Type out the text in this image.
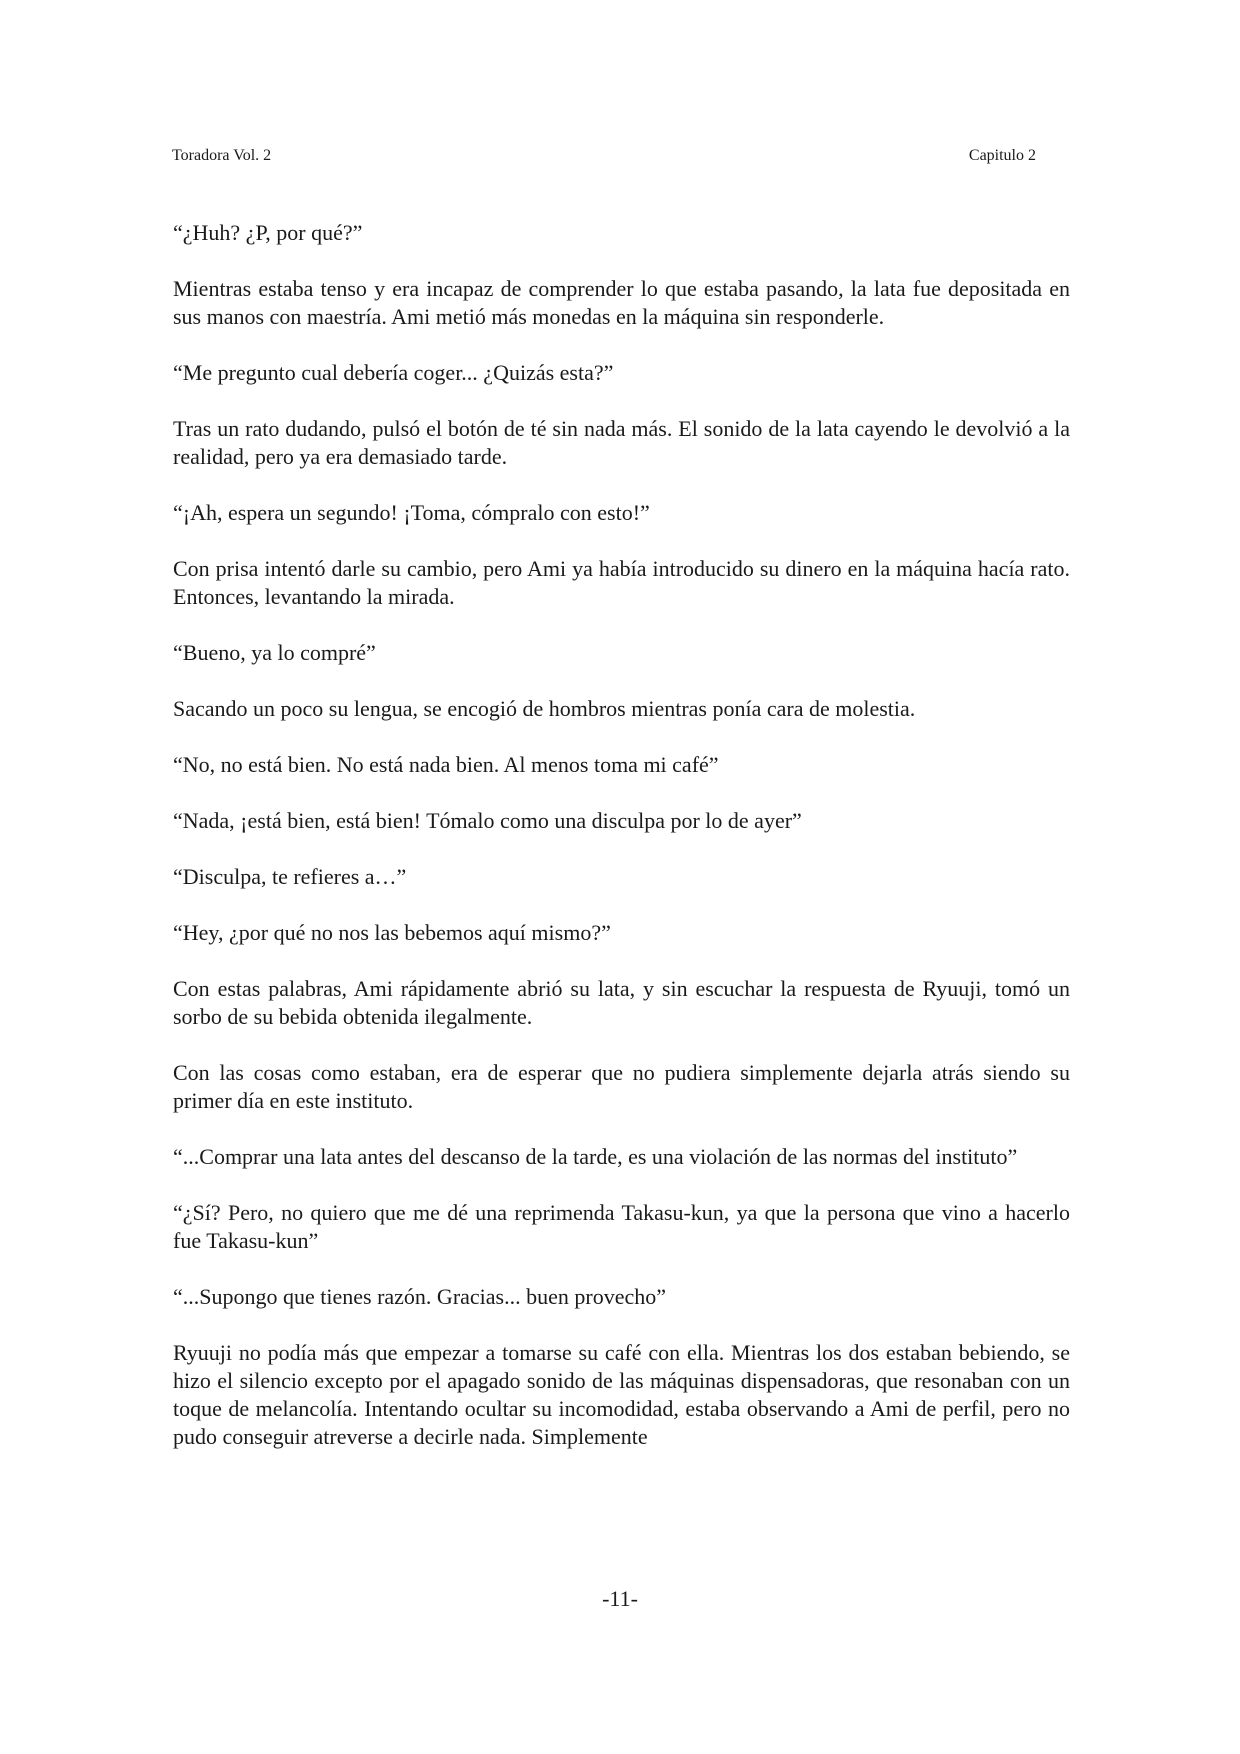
Toradora Vol. 2	Capitulo 2

“¿Huh? ¿P, por qué?”

Mientras estaba tenso y era incapaz de comprender lo que estaba pasando, la lata fue depositada en sus manos con maestría. Ami metió más monedas en la máquina sin responderle.

“Me pregunto cual debería coger... ¿Quizás esta?”

Tras un rato dudando, pulsó el botón de té sin nada más. El sonido de la lata cayendo le devolvió a la realidad, pero ya era demasiado tarde.

“¡Ah, espera un segundo! ¡Toma, cómpralo con esto!”

Con prisa intentó darle su cambio, pero Ami ya había introducido su dinero en la máquina hacía rato. Entonces, levantando la mirada.

“Bueno, ya lo compré”

Sacando un poco su lengua, se encogió de hombros mientras ponía cara de molestia.

“No, no está bien. No está nada bien. Al menos toma mi café”

“Nada, ¡está bien, está bien! Tómalo como una disculpa por lo de ayer”

“Disculpa, te refieres a…”

“Hey, ¿por qué no nos las bebemos aquí mismo?”

Con estas palabras, Ami rápidamente abrió su lata, y sin escuchar la respuesta de Ryuuji, tomó un sorbo de su bebida obtenida ilegalmente.

Con las cosas como estaban, era de esperar que no pudiera simplemente dejarla atrás siendo su primer día en este instituto.

“...Comprar una lata antes del descanso de la tarde, es una violación de las normas del instituto”

“¿Sí? Pero, no quiero que me dé una reprimenda Takasu-kun, ya que la persona que vino a hacerlo fue Takasu-kun”

“...Supongo que tienes razón. Gracias... buen provecho”

Ryuuji no podía más que empezar a tomarse su café con ella. Mientras los dos estaban bebiendo, se hizo el silencio excepto por el apagado sonido de las máquinas dispensadoras, que resonaban con un toque de melancolía. Intentando ocultar su incomodidad, estaba observando a Ami de perfil, pero no pudo conseguir atreverse a decirle nada. Simplemente

-11-
